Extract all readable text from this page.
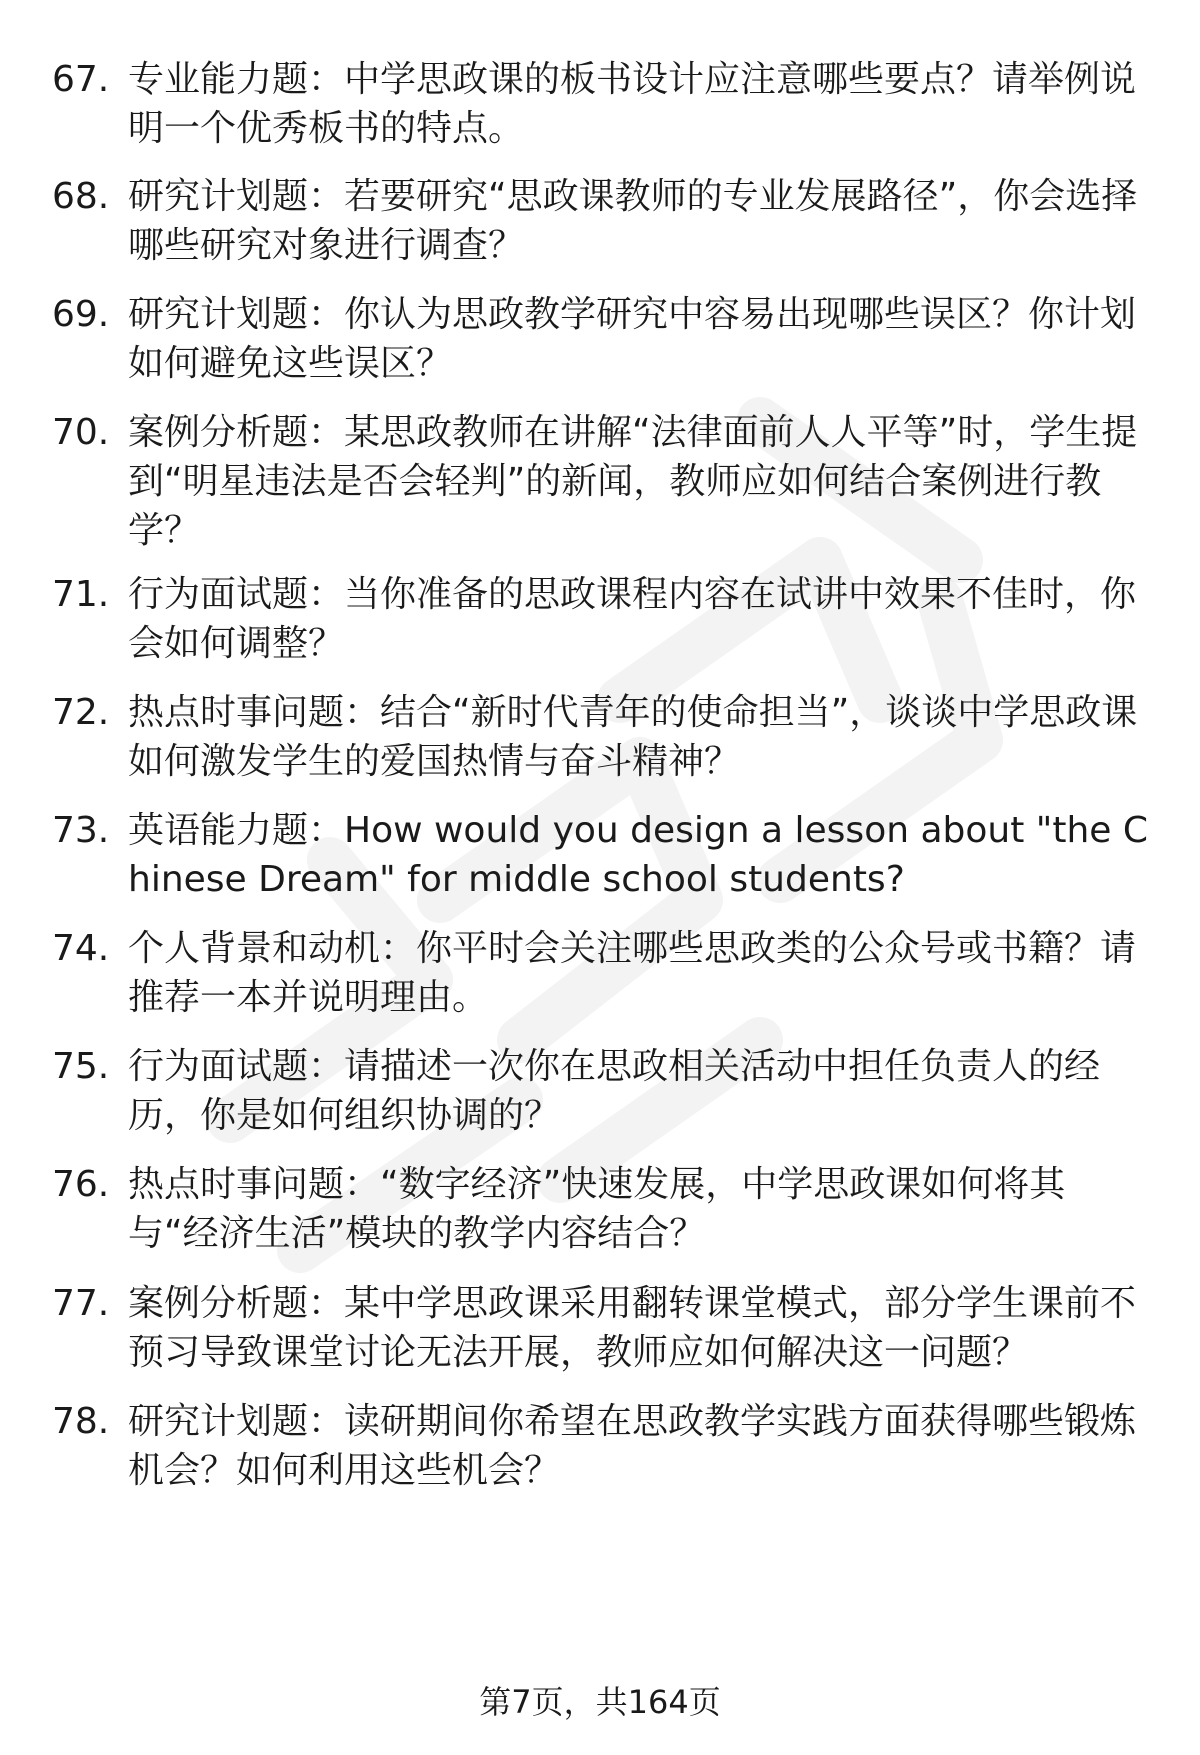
67. 专业能力题：中学思政课的板书设计应注意哪些要点？请举例说明一个优秀板书的特点。
68. 研究计划题：若要研究“思政课教师的专业发展路径”，你会选择哪些研究对象进行调查？
69. 研究计划题：你认为思政教学研究中容易出现哪些误区？你计划如何避免这些误区？
70. 案例分析题：某思政教师在讲解“法律面前人人平等”时，学生提到“明星违法是否会轻判”的新闻，教师应如何结合案例进行教学？
71. 行为面试题：当你准备的思政课程内容在试讲中效果不佳时，你会如何调整？
72. 热点时事问题：结合“新时代青年的使命担当”，谈谈中学思政课如何激发学生的爱国热情与奋斗精神？
73. 英语能力题：How would you design a lesson about "the Chinese Dream" for middle school students?
74. 个人背景和动机：你平时会关注哪些思政类的公众号或书籍？请推荐一本并说明理由。
75. 行为面试题：请描述一次你在思政相关活动中担任负责人的经历，你是如何组织协调的？
76. 热点时事问题：“数字经济”快速发展，中学思政课如何将其与“经济生活”模块的教学内容结合？
77. 案例分析题：某中学思政课采用翻转课堂模式，部分学生课前不预习导致课堂讨论无法开展，教师应如何解决这一问题？
78. 研究计划题：读研期间你希望在思政教学实践方面获得哪些锻炼机会？如何利用这些机会？
第7页，共164页
